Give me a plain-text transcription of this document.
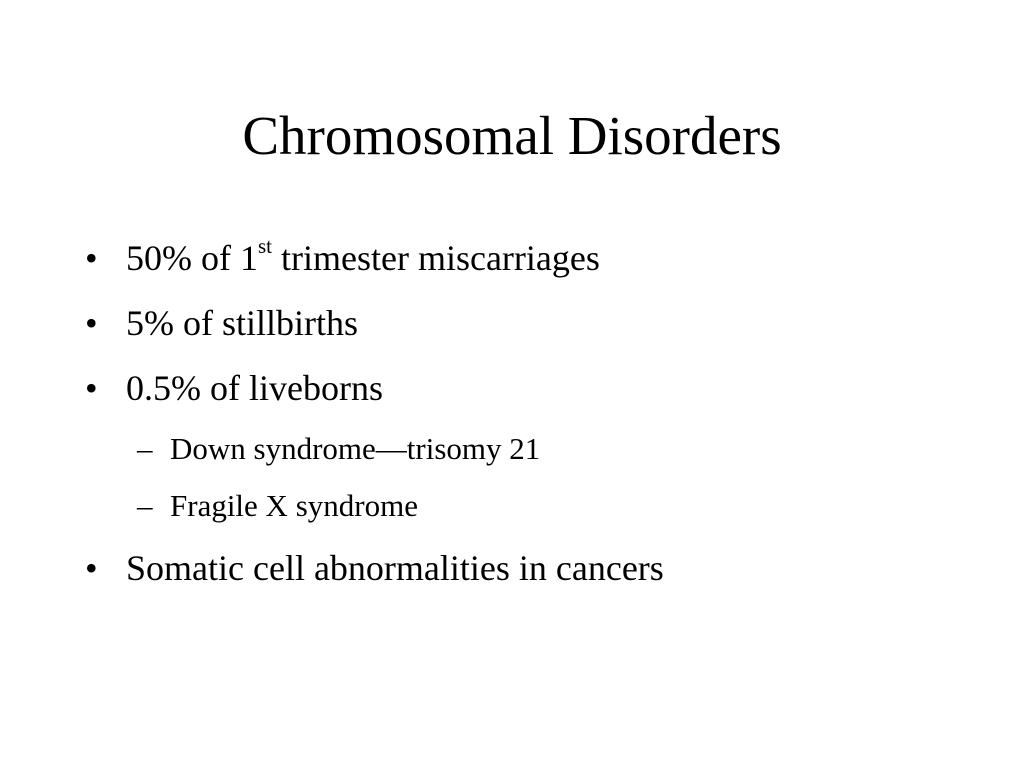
Chromosomal Disorders
• 50% of 1st trimester miscarriages
• 5% of stillbirths
• 0.5% of liveborns
– Down syndrome—trisomy 21
– Fragile X syndrome
• Somatic cell abnormalities in cancers
